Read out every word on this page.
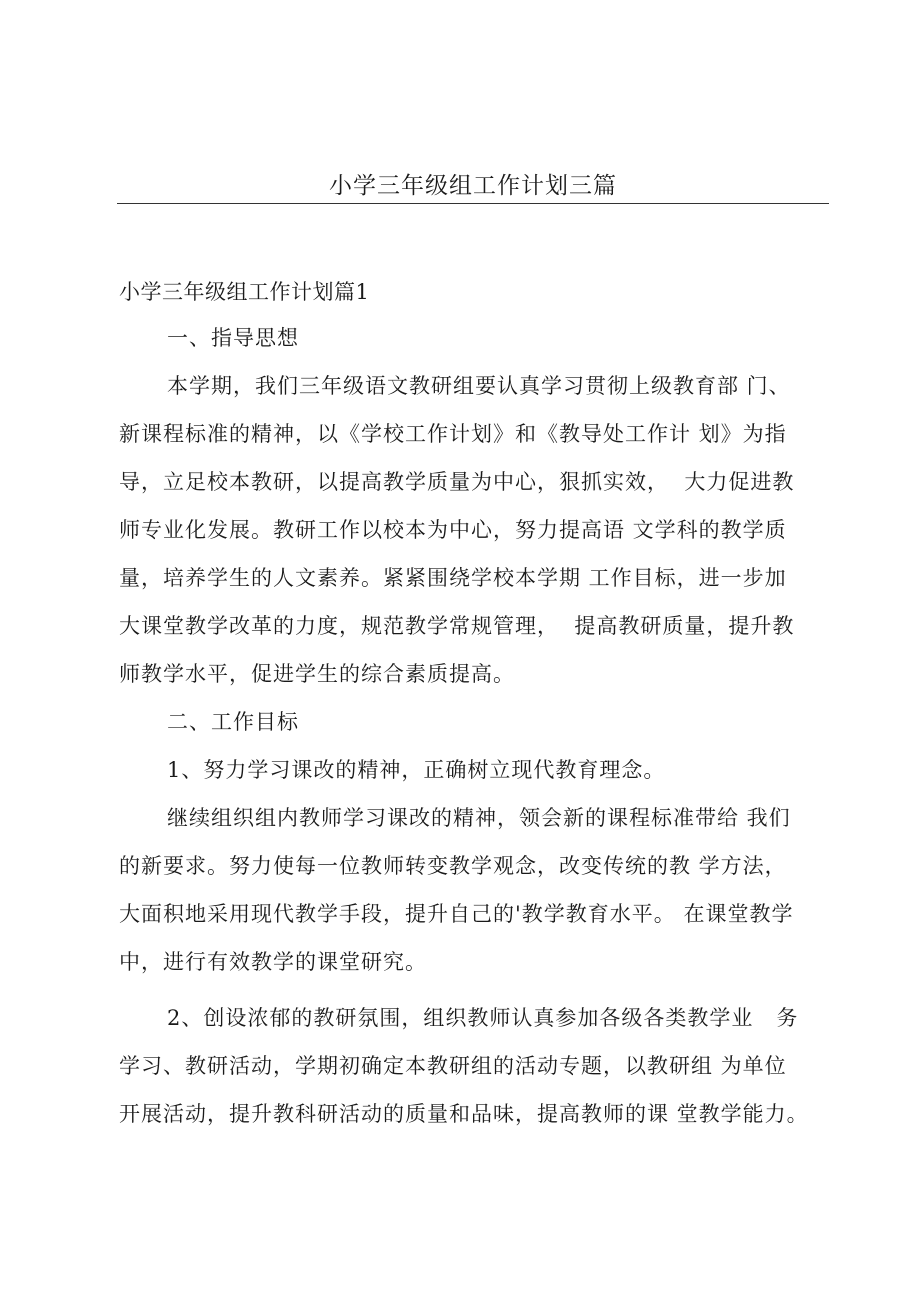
小学三年级组工作计划三篇
小学三年级组工作计划篇1

一、指导思想

本学期，我们三年级语文教研组要认真学习贯彻上级教育部 门、

新课程标准的精神，以《学校工作计划》和《教导处工作计 划》为指

导，立足校本教研，以提高教学质量为中心，狠抓实效，  大力促进教

师专业化发展。教研工作以校本为中心，努力提高语 文学科的教学质

量，培养学生的人文素养。紧紧围绕学校本学期 工作目标，进一步加

大课堂教学改革的力度，规范教学常规管理，  提高教研质量，提升教

师教学水平，促进学生的综合素质提高。

二、工作目标

1、努力学习课改的精神，正确树立现代教育理念。

继续组织组内教师学习课改的精神，领会新的课程标准带给 我们

的新要求。努力使每一位教师转变教学观念，改变传统的教 学方法，

大面积地采用现代教学手段，提升自己的'教学教育水平。 在课堂教学

中，进行有效教学的课堂研究。

2、创设浓郁的教研氛围，组织教师认真参加各级各类教学业   务

学习、教研活动，学期初确定本教研组的活动专题，以教研组 为单位

开展活动，提升教科研活动的质量和品味，提高教师的课 堂教学能力。
